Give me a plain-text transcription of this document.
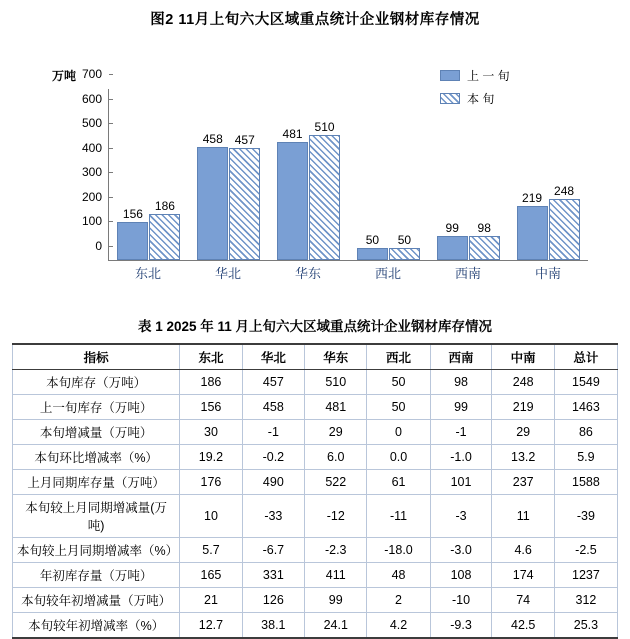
图2 11月上旬六大区域重点统计企业钢材库存情况
万吨	上 一 旬
本 旬
0
100
200
300
400
500
600
700
156
186
458 457 481
510
50 50
99 98
219
248
东北	华北	华东	西北	西南	中南
表 1 2025 年 11 月上旬六大区域重点统计企业钢材库存情况
指标	东北	华北	华东	西北	西南	中南	总计
本旬库存（万吨）	186	457	510	50	98	248	1549
上一旬库存（万吨）	156	458	481	50	99	219	1463
本旬增减量（万吨）	30	-1	29	0	-1	29	86
本旬环比增减率（%）	19.2	-0.2	6.0	0.0	-1.0	13.2	5.9
上月同期库存量（万吨）	176	490	522	61	101	237	1588
本旬较上月同期增减量(万吨)	10	-33	-12	-11	-3	11	-39
本旬较上月同期增减率（%）	5.7	-6.7	-2.3	-18.0	-3.0	4.6	-2.5
年初库存量（万吨）	165	331	411	48	108	174	1237
本旬较年初增减量（万吨）	21	126	99	2	-10	74	312
本旬较年初增减率（%）	12.7	38.1	24.1	4.2	-9.3	42.5	25.3
